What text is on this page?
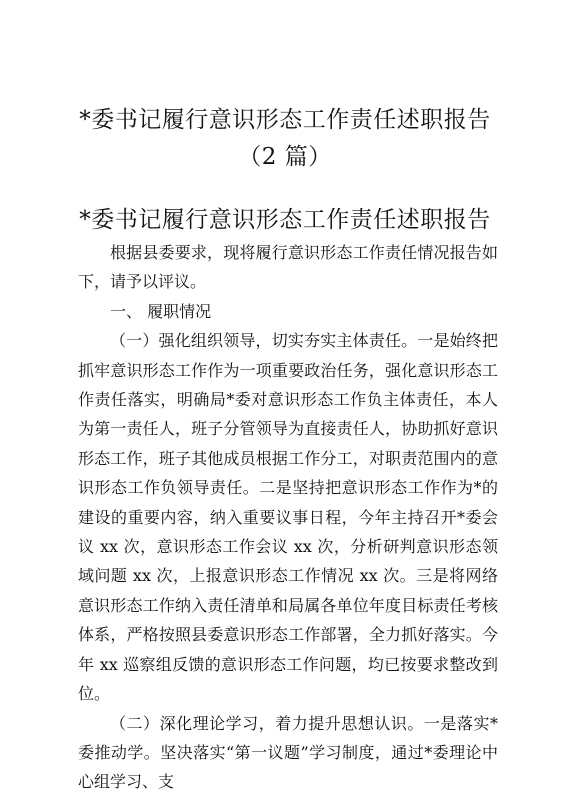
*委书记履行意识形态工作责任述职报告
（2 篇）
*委书记履行意识形态工作责任述职报告

根据县委要求，现将履行意识形态工作责任情况报告如下，请予以评议。

一、 履职情况

（一）强化组织领导，切实夯实主体责任。一是始终把抓牢意识形态工作作为一项重要政治任务，强化意识形态工作责任落实，明确局*委对意识形态工作负主体责任，本人为第一责任人，班子分管领导为直接责任人，协助抓好意识形态工作，班子其他成员根据工作分工，对职责范围内的意识形态工作负领导责任。二是坚持把意识形态工作作为*的建设的重要内容，纳入重要议事日程，今年主持召开*委会议 xx 次，意识形态工作会议 xx 次，分析研判意识形态领域问题 xx 次，上报意识形态工作情况 xx 次。三是将网络意识形态工作纳入责任清单和局属各单位年度目标责任考核体系，严格按照县委意识形态工作部署，全力抓好落实。今年 xx 巡察组反馈的意识形态工作问题，均已按要求整改到位。

（二）深化理论学习，着力提升思想认识。一是落实*委推动学。坚决落实“第一议题”学习制度，通过*委理论中心组学习、支
